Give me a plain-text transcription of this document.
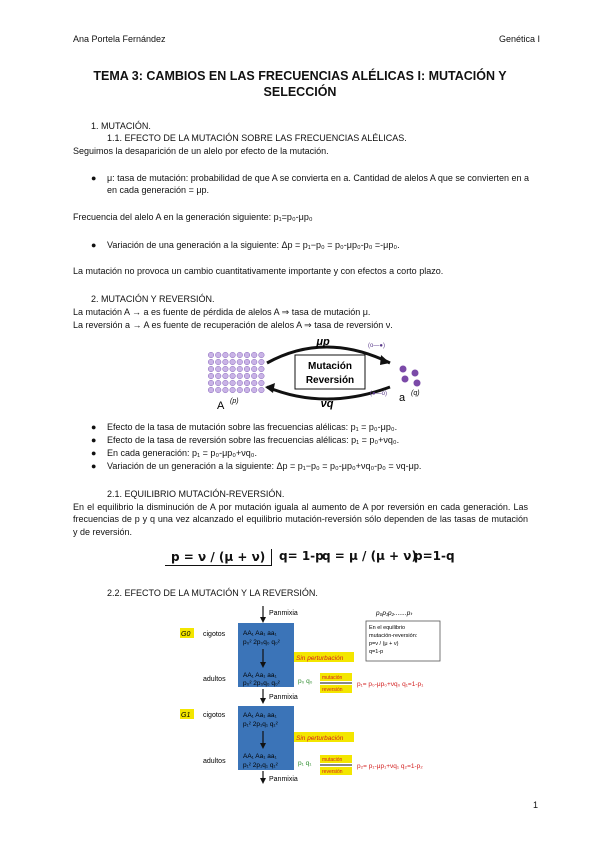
Ana Portela Fernández	Genética I
TEMA 3: CAMBIOS EN LAS FRECUENCIAS ALÉLICAS I: MUTACIÓN Y
SELECCIÓN
1. MUTACIÓN.
1.1. EFECTO DE LA MUTACIÓN SOBRE LAS FRECUENCIAS ALÉLICAS.
Seguimos la desaparición de un alelo por efecto de la mutación.
● μ: tasa de mutación: probabilidad de que A se convierta en a. Cantidad de alelos A que se convierten en a en cada generación = μp.
Frecuencia del alelo A en la generación siguiente: p₁=p₀-μp₀
● Variación de una generación a la siguiente: Δp = p₁−p₀ = p₀-μp₀-p₀ =-μp₀.
La mutación no provoca un cambio cuantitativamente importante y con efectos a corto plazo.
2. MUTACIÓN Y REVERSIÓN.
La mutación A → a es fuente de pérdida de alelos A ⇒ tasa de mutación μ.
La reversión a → A es fuente de recuperación de alelos A ⇒ tasa de reversión ν.
Mutación
Reversión
μp
νq
(o—●)
(●—o)
A (p)	a (q)
● Efecto de la tasa de mutación sobre las frecuencias alélicas: p₁ = p₀-μp₀.
● Efecto de la tasa de reversión sobre las frecuencias alélicas: p₁ = p₀+νq₀.
● En cada generación: p₁ = p₀-μp₀+νq₀.
● Variación de un generación a la siguiente: Δp = p₁−p₀ = p₀-μp₀+νq₀-p₀ = νq-μp.
2.1. EQUILIBRIO MUTACIÓN-REVERSIÓN.
En el equilibrio la disminución de A por mutación iguala al aumento de A por reversión en cada generación. Las frecuencias de p y q una vez alcanzado el equilibrio mutación-reversión sólo dependen de las tasas de mutación y de reversión.
p = ν / (μ + ν)	q= 1-p
q = μ / (μ + ν)
p=1-q
2.2. EFECTO DE LA MUTACIÓN Y LA REVERSIÓN.
Panmixia
AA₁ Aa₁ aa₁
p₀² 2p₀q₀ q₀²
AA₁ Aa₁ aa₁
p₀² 2p₀q₀ q₀²
G0 cigotos
adultos
Sin perturbación
p₀ q₀ mutación
reversión
p₁= p₀-μp₀+νq₀ q₁=1-p₁
Panmixia
AA₁ Aa₁ aa₁
p₁² 2p₁q₁ q₁²
AA₁ Aa₁ aa₁
p₁² 2p₁q₁ q₁²
G1 cigotos
adultos
Sin perturbación
p₁ q₁ mutación
reversión
p₂= p₁-μp₁+νq₁ q₂=1-p₂
Panmixia
p₀p₁p₂.......pₜ
En el equilibrio
mutación-reversión:
p=ν / (μ + ν)
q=1-p
1
